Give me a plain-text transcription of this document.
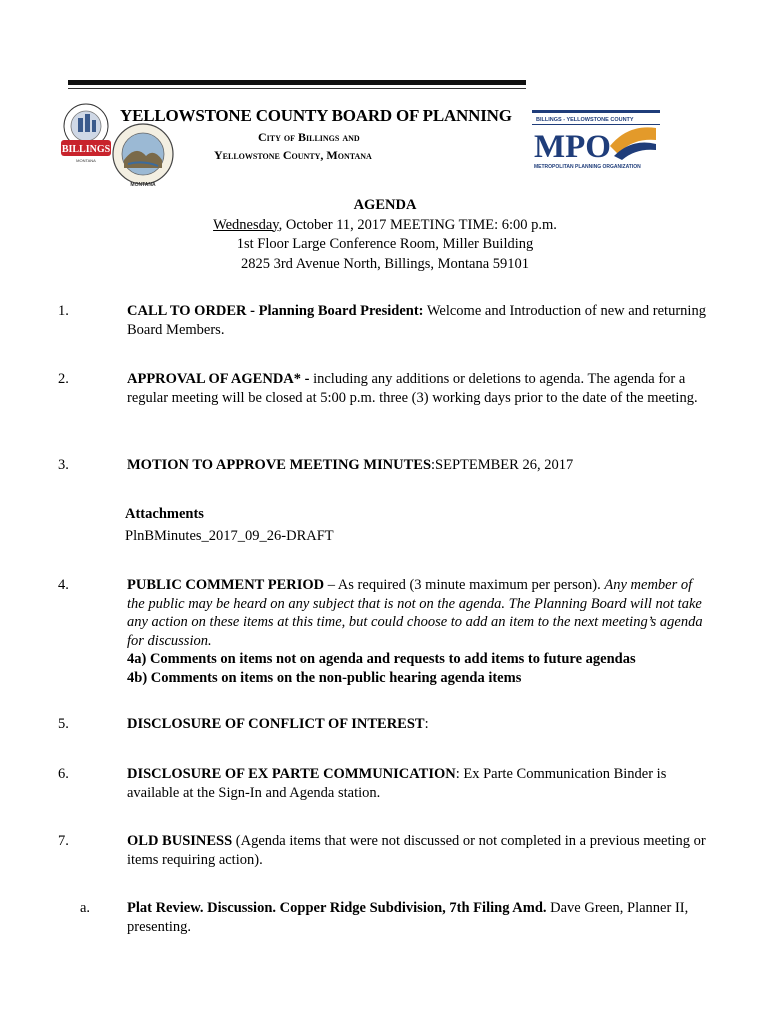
BILLINGS
MONTANA
MONTANA
YELLOWSTONE COUNTY BOARD OF PLANNING
City of Billings and
Yellowstone County, Montana
BILLINGS - YELLOWSTONE COUNTY
MPO
METROPOLITAN PLANNING ORGANIZATION
AGENDA
Wednesday, October 11, 2017 MEETING TIME: 6:00 p.m.
1st Floor Large Conference Room, Miller Building
2825 3rd Avenue North, Billings, Montana 59101
1.	CALL TO ORDER - Planning Board President: Welcome and Introduction of new and returning Board Members.
2.	APPROVAL OF AGENDA* - including any additions or deletions to agenda. The agenda for a regular meeting will be closed at 5:00 p.m. three (3) working days prior to the date of the meeting.
3.	MOTION TO APPROVE MEETING MINUTES:SEPTEMBER 26, 2017
Attachments
PlnBMinutes_2017_09_26-DRAFT
4.	PUBLIC COMMENT PERIOD – As required (3 minute maximum per person). Any member of the public may be heard on any subject that is not on the agenda. The Planning Board will not take any action on these items at this time, but could choose to add an item to the next meeting’s agenda for discussion.
4a) Comments on items not on agenda and requests to add items to future agendas
4b) Comments on items on the non-public hearing agenda items
5.	DISCLOSURE OF CONFLICT OF INTEREST:
6.	DISCLOSURE OF EX PARTE COMMUNICATION: Ex Parte Communication Binder is available at the Sign-In and Agenda station.
7.	OLD BUSINESS (Agenda items that were not discussed or not completed in a previous meeting or items requiring action).
a.	Plat Review. Discussion. Copper Ridge Subdivision, 7th Filing Amd. Dave Green, Planner II, presenting.
